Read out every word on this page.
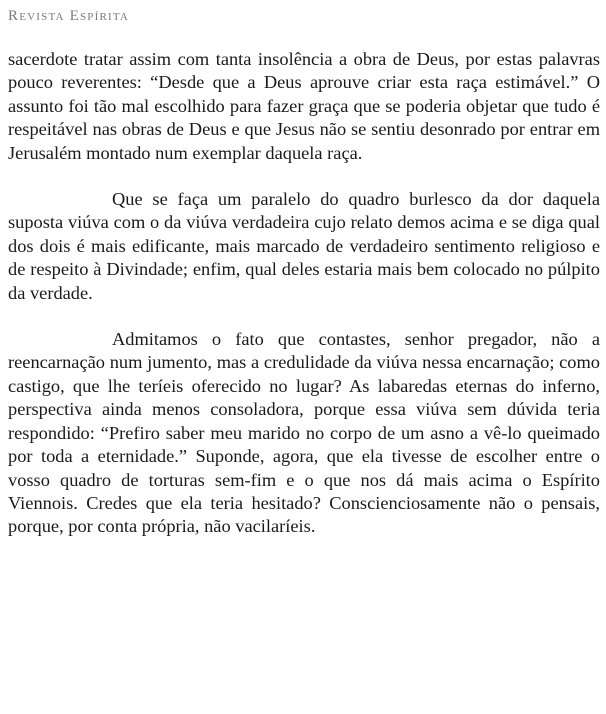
Revista Espírita

sacerdote tratar assim com tanta insolência a obra de Deus, por estas palavras pouco reverentes: “Desde que a Deus aprouve criar esta raça estimável.” O assunto foi tão mal escolhido para fazer graça que se poderia objetar que tudo é respeitável nas obras de Deus e que Jesus não se sentiu desonrado por entrar em Jerusalém montado num exemplar daquela raça.

Que se faça um paralelo do quadro burlesco da dor daquela suposta viúva com o da viúva verdadeira cujo relato demos acima e se diga qual dos dois é mais edificante, mais marcado de verdadeiro sentimento religioso e de respeito à Divindade; enfim, qual deles estaria mais bem colocado no púlpito da verdade.

Admitamos o fato que contastes, senhor pregador, não a reencarnação num jumento, mas a credulidade da viúva nessa encarnação; como castigo, que lhe teríeis oferecido no lugar? As labaredas eternas do inferno, perspectiva ainda menos consoladora, porque essa viúva sem dúvida teria respondido: “Prefiro saber meu marido no corpo de um asno a vê-lo queimado por toda a eternidade.” Suponde, agora, que ela tivesse de escolher entre o vosso quadro de torturas sem-fim e o que nos dá mais acima o Espírito Viennois. Credes que ela teria hesitado? Conscienciosamente não o pensais, porque, por conta própria, não vacilaríeis.
